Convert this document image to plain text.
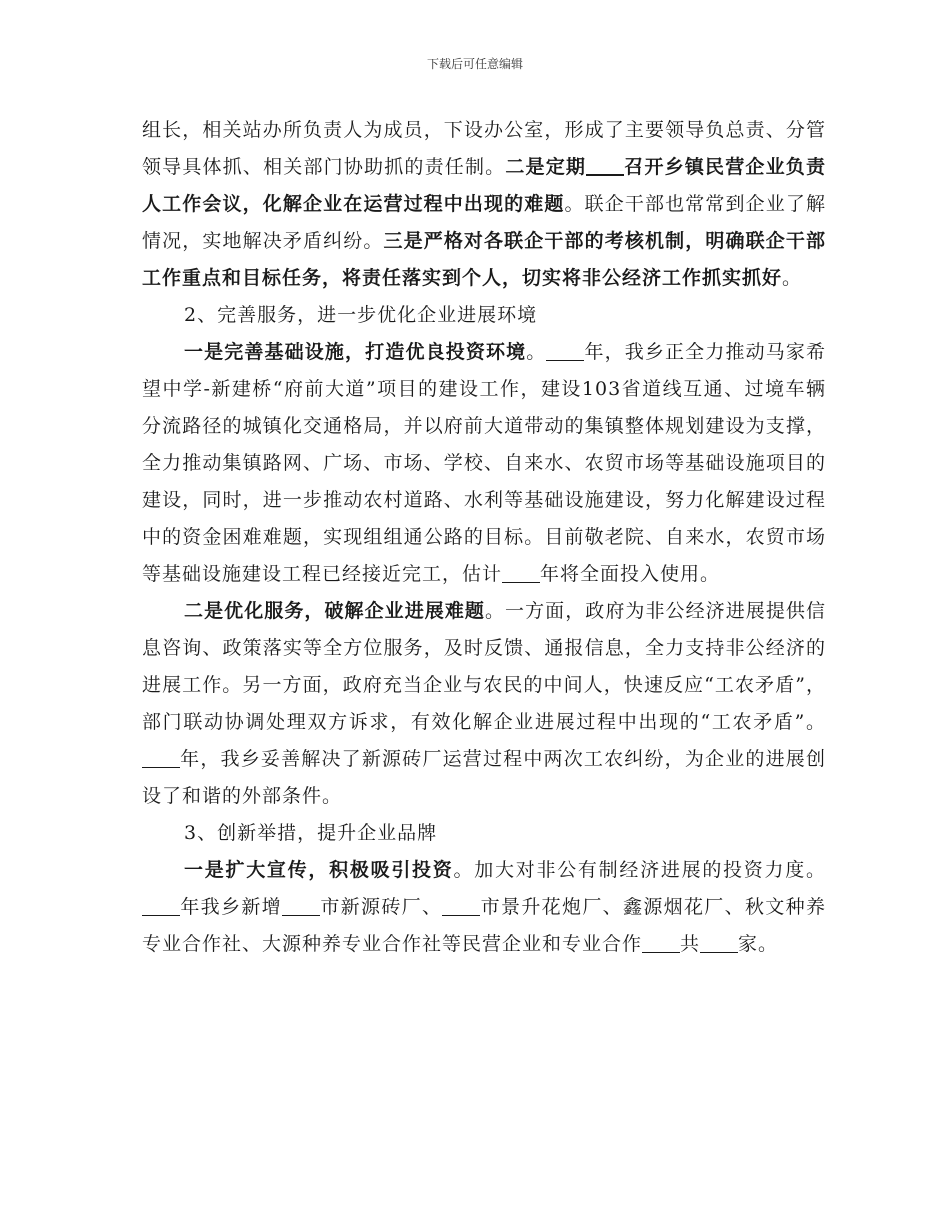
下载后可任意编辑

组长，相关站办所负责人为成员，下设办公室，形成了主要领导负总责、分管领导具体抓、相关部门协助抓的责任制。二是定期 召开乡镇民营企业负责人工作会议，化解企业在运营过程中出现的难题。联企干部也常常到企业了解情况，实地解决矛盾纠纷。三是严格对各联企干部的考核机制，明确联企干部工作重点和目标任务，将责任落实到个人，切实将非公经济工作抓实抓好。

2、完善服务，进一步优化企业进展环境

一是完善基础设施，打造优良投资环境。 年，我乡正全力推动马家希望中学-新建桥“府前大道”项目的建设工作，建设103省道线互通、过境车辆分流路径的城镇化交通格局，并以府前大道带动的集镇整体规划建设为支撑，全力推动集镇路网、广场、市场、学校、自来水、农贸市场等基础设施项目的建设，同时，进一步推动农村道路、水利等基础设施建设，努力化解建设过程中的资金困难难题，实现组组通公路的目标。目前敬老院、自来水，农贸市场等基础设施建设工程已经接近完工，估计 年将全面投入使用。

二是优化服务，破解企业进展难题。一方面，政府为非公经济进展提供信息咨询、政策落实等全方位服务，及时反馈、通报信息，全力支持非公经济的进展工作。另一方面，政府充当企业与农民的中间人，快速反应“工农矛盾”，部门联动协调处理双方诉求，有效化解企业进展过程中出现的“工农矛盾”。年，我乡妥善解决了新源砖厂运营过程中两次工农纠纷，为企业的进展创设了和谐的外部条件。

3、创新举措，提升企业品牌

一是扩大宣传，积极吸引投资。加大对非公有制经济进展的投资力度。年我乡新增 市新源砖厂、 市景升花炮厂、鑫源烟花厂、秋文种养专业合作社、大源种养专业合作社等民营企业和专业合作 共 家。
